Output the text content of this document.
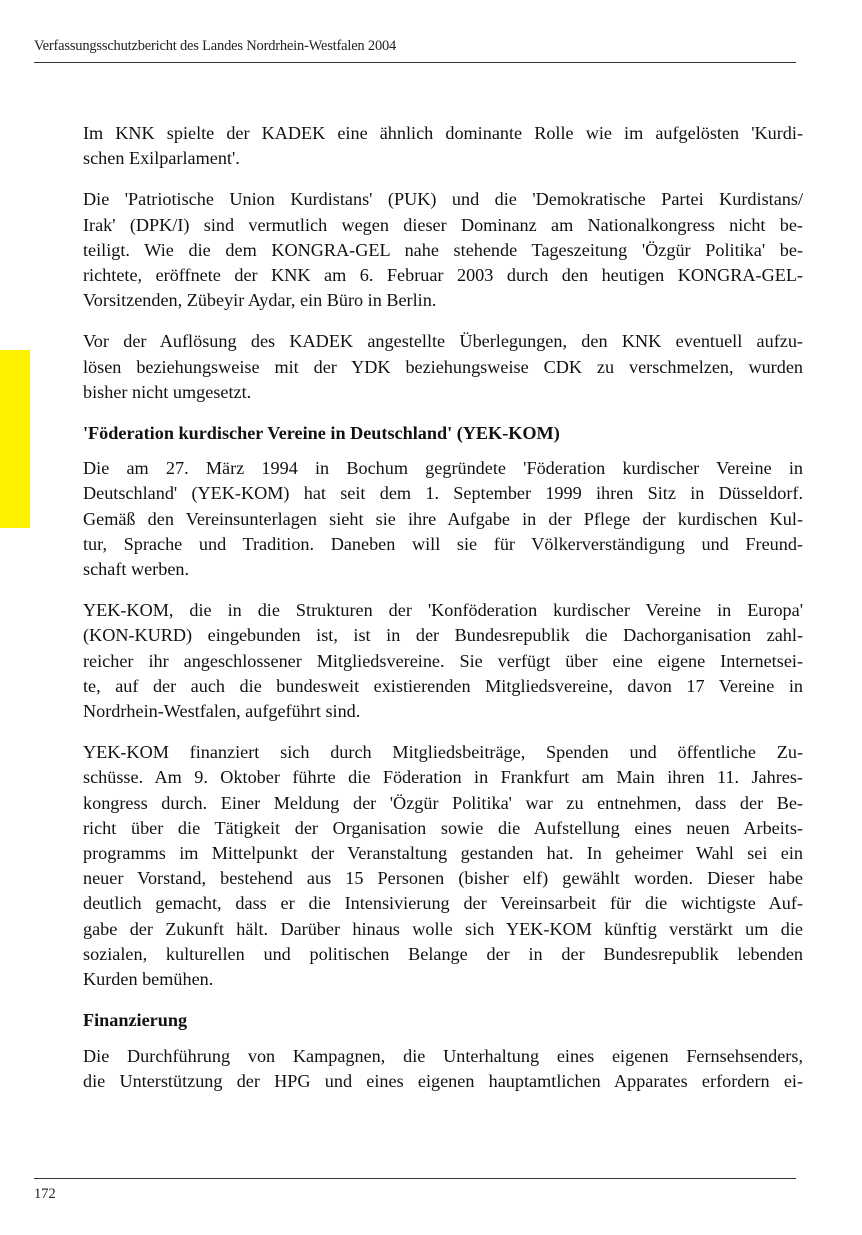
Verfassungsschutzbericht des Landes Nordrhein-Westfalen 2004
Im KNK spielte der KADEK eine ähnlich dominante Rolle wie im aufgelösten 'Kurdi-
schen Exilparlament'.
Die 'Patriotische Union Kurdistans' (PUK) und die 'Demokratische Partei Kurdistans/
Irak' (DPK/I) sind vermutlich wegen dieser Dominanz am Nationalkongress nicht be-
teiligt. Wie die dem KONGRA-GEL nahe stehende Tageszeitung 'Özgür Politika' be-
richtete, eröffnete der KNK am 6. Februar 2003 durch den heutigen KONGRA-GEL-
Vorsitzenden, Zübeyir Aydar, ein Büro in Berlin.
Vor der Auflösung des KADEK angestellte Überlegungen, den KNK eventuell aufzu-
lösen beziehungsweise mit der YDK beziehungsweise CDK zu verschmelzen, wurden
bisher nicht umgesetzt.
'Föderation kurdischer Vereine in Deutschland' (YEK-KOM)
Die am 27. März 1994 in Bochum gegründete 'Föderation kurdischer Vereine in
Deutschland' (YEK-KOM) hat seit dem 1. September 1999 ihren Sitz in Düsseldorf.
Gemäß den Vereinsunterlagen sieht sie ihre Aufgabe in der Pflege der kurdischen Kul-
tur, Sprache und Tradition. Daneben will sie für Völkerverständigung und Freund-
schaft werben.
YEK-KOM, die in die Strukturen der 'Konföderation kurdischer Vereine in Europa'
(KON-KURD) eingebunden ist, ist in der Bundesrepublik die Dachorganisation zahl-
reicher ihr angeschlossener Mitgliedsvereine. Sie verfügt über eine eigene Internetsei-
te, auf der auch die bundesweit existierenden Mitgliedsvereine, davon 17 Vereine in
Nordrhein-Westfalen, aufgeführt sind.
YEK-KOM finanziert sich durch Mitgliedsbeiträge, Spenden und öffentliche Zu-
schüsse. Am 9. Oktober führte die Föderation in Frankfurt am Main ihren 11. Jahres-
kongress durch. Einer Meldung der 'Özgür Politika' war zu entnehmen, dass der Be-
richt über die Tätigkeit der Organisation sowie die Aufstellung eines neuen Arbeits-
programms im Mittelpunkt der Veranstaltung gestanden hat. In geheimer Wahl sei ein
neuer Vorstand, bestehend aus 15 Personen (bisher elf) gewählt worden. Dieser habe
deutlich gemacht, dass er die Intensivierung der Vereinsarbeit für die wichtigste Auf-
gabe der Zukunft hält. Darüber hinaus wolle sich YEK-KOM künftig verstärkt um die
sozialen, kulturellen und politischen Belange der in der Bundesrepublik lebenden
Kurden bemühen.
Finanzierung
Die Durchführung von Kampagnen, die Unterhaltung eines eigenen Fernsehsenders,
die Unterstützung der HPG und eines eigenen hauptamtlichen Apparates erfordern ei-
172
